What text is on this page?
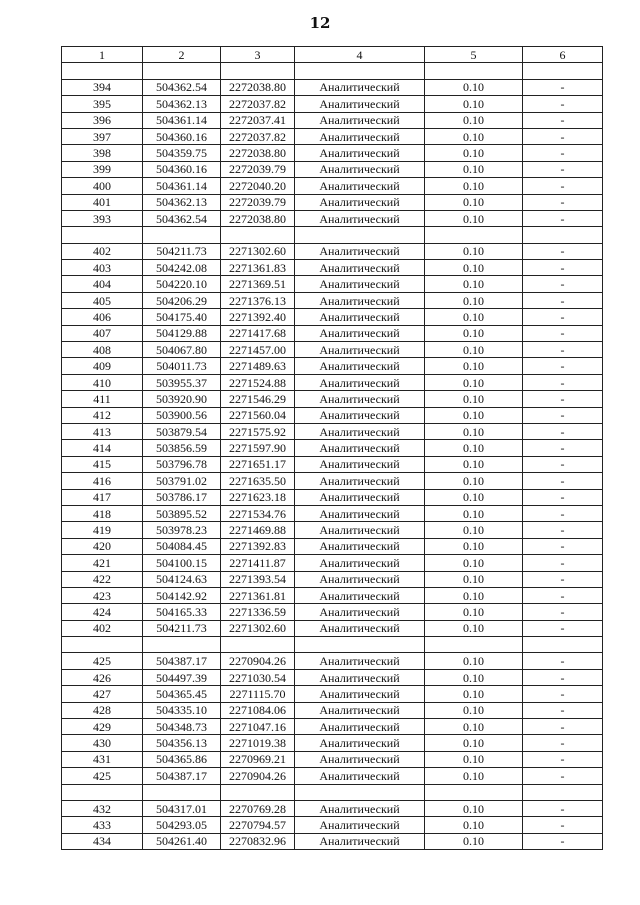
12
1	2	3	4	5	6

394	504362.54	2272038.80	Аналитический	0.10	-
395	504362.13	2272037.82	Аналитический	0.10	-
396	504361.14	2272037.41	Аналитический	0.10	-
397	504360.16	2272037.82	Аналитический	0.10	-
398	504359.75	2272038.80	Аналитический	0.10	-
399	504360.16	2272039.79	Аналитический	0.10	-
400	504361.14	2272040.20	Аналитический	0.10	-
401	504362.13	2272039.79	Аналитический	0.10	-
393	504362.54	2272038.80	Аналитический	0.10	-

402	504211.73	2271302.60	Аналитический	0.10	-
403	504242.08	2271361.83	Аналитический	0.10	-
404	504220.10	2271369.51	Аналитический	0.10	-
405	504206.29	2271376.13	Аналитический	0.10	-
406	504175.40	2271392.40	Аналитический	0.10	-
407	504129.88	2271417.68	Аналитический	0.10	-
408	504067.80	2271457.00	Аналитический	0.10	-
409	504011.73	2271489.63	Аналитический	0.10	-
410	503955.37	2271524.88	Аналитический	0.10	-
411	503920.90	2271546.29	Аналитический	0.10	-
412	503900.56	2271560.04	Аналитический	0.10	-
413	503879.54	2271575.92	Аналитический	0.10	-
414	503856.59	2271597.90	Аналитический	0.10	-
415	503796.78	2271651.17	Аналитический	0.10	-
416	503791.02	2271635.50	Аналитический	0.10	-
417	503786.17	2271623.18	Аналитический	0.10	-
418	503895.52	2271534.76	Аналитический	0.10	-
419	503978.23	2271469.88	Аналитический	0.10	-
420	504084.45	2271392.83	Аналитический	0.10	-
421	504100.15	2271411.87	Аналитический	0.10	-
422	504124.63	2271393.54	Аналитический	0.10	-
423	504142.92	2271361.81	Аналитический	0.10	-
424	504165.33	2271336.59	Аналитический	0.10	-
402	504211.73	2271302.60	Аналитический	0.10	-

425	504387.17	2270904.26	Аналитический	0.10	-
426	504497.39	2271030.54	Аналитический	0.10	-
427	504365.45	2271115.70	Аналитический	0.10	-
428	504335.10	2271084.06	Аналитический	0.10	-
429	504348.73	2271047.16	Аналитический	0.10	-
430	504356.13	2271019.38	Аналитический	0.10	-
431	504365.86	2270969.21	Аналитический	0.10	-
425	504387.17	2270904.26	Аналитический	0.10	-

432	504317.01	2270769.28	Аналитический	0.10	-
433	504293.05	2270794.57	Аналитический	0.10	-
434	504261.40	2270832.96	Аналитический	0.10	-
